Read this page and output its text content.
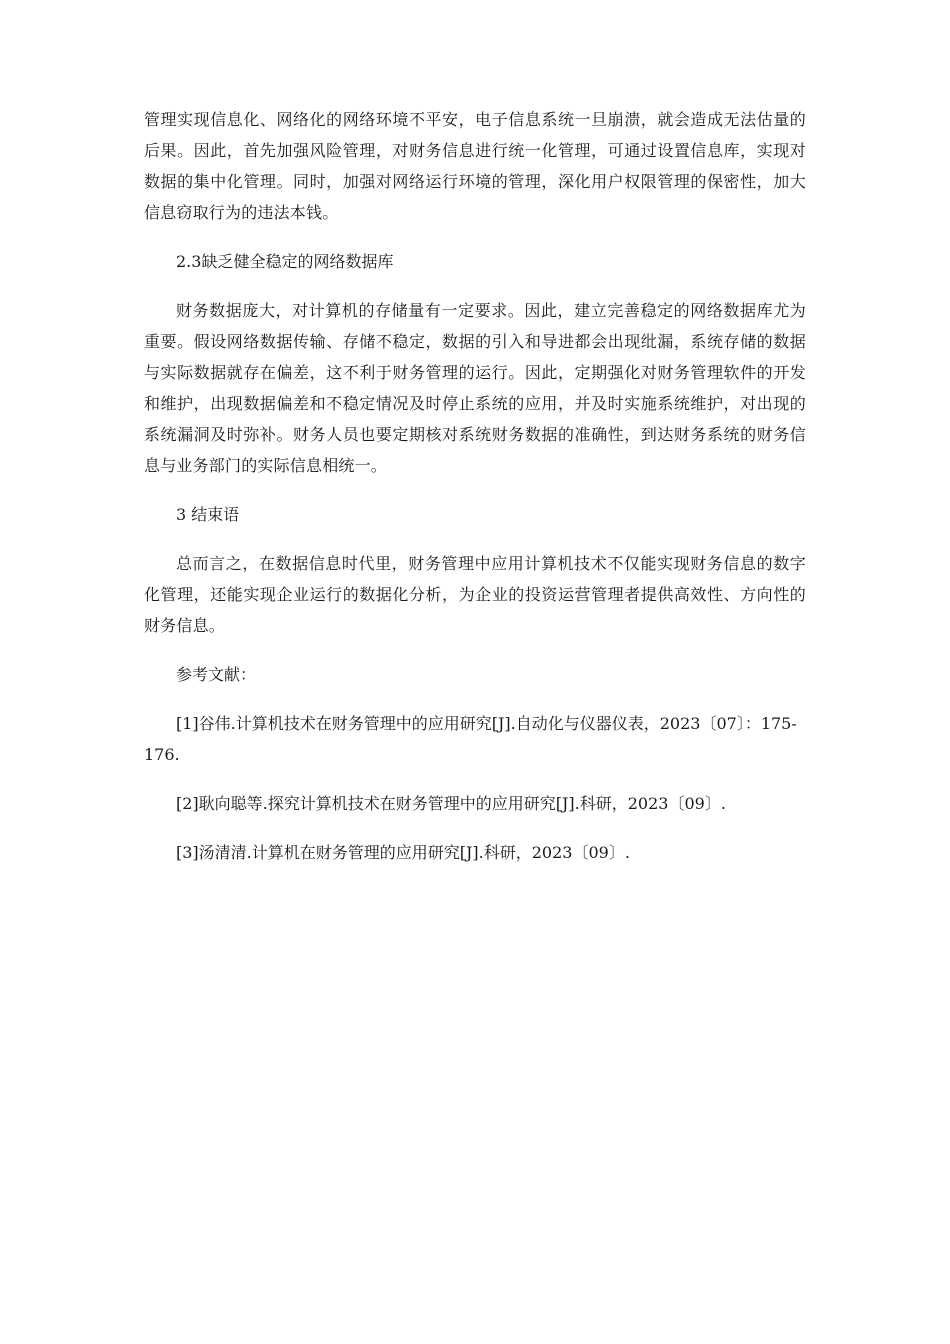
管理实现信息化、网络化的网络环境不平安，电子信息系统一旦崩溃，就会造成无法估量的后果。因此，首先加强风险管理，对财务信息进行统一化管理，可通过设置信息库，实现对数据的集中化管理。同时，加强对网络运行环境的管理，深化用户权限管理的保密性，加大信息窃取行为的违法本钱。

2.3缺乏健全稳定的网络数据库

财务数据庞大，对计算机的存储量有一定要求。因此，建立完善稳定的网络数据库尤为重要。假设网络数据传输、存储不稳定，数据的引入和导进都会出现纰漏，系统存储的数据与实际数据就存在偏差，这不利于财务管理的运行。因此，定期强化对财务管理软件的开发和维护，出现数据偏差和不稳定情况及时停止系统的应用，并及时实施系统维护，对出现的系统漏洞及时弥补。财务人员也要定期核对系统财务数据的准确性，到达财务系统的财务信息与业务部门的实际信息相统一。

3 结束语

总而言之，在数据信息时代里，财务管理中应用计算机技术不仅能实现财务信息的数字化管理，还能实现企业运行的数据化分析，为企业的投资运营管理者提供高效性、方向性的财务信息。

参考文献：

[1]谷伟.计算机技术在财务管理中的应用研究[J].自动化与仪器仪表，2023〔07〕：175-176.

[2]耿向聪等.探究计算机技术在财务管理中的应用研究[J].科研，2023〔09〕.

[3]汤清清.计算机在财务管理的应用研究[J].科研，2023〔09〕.
